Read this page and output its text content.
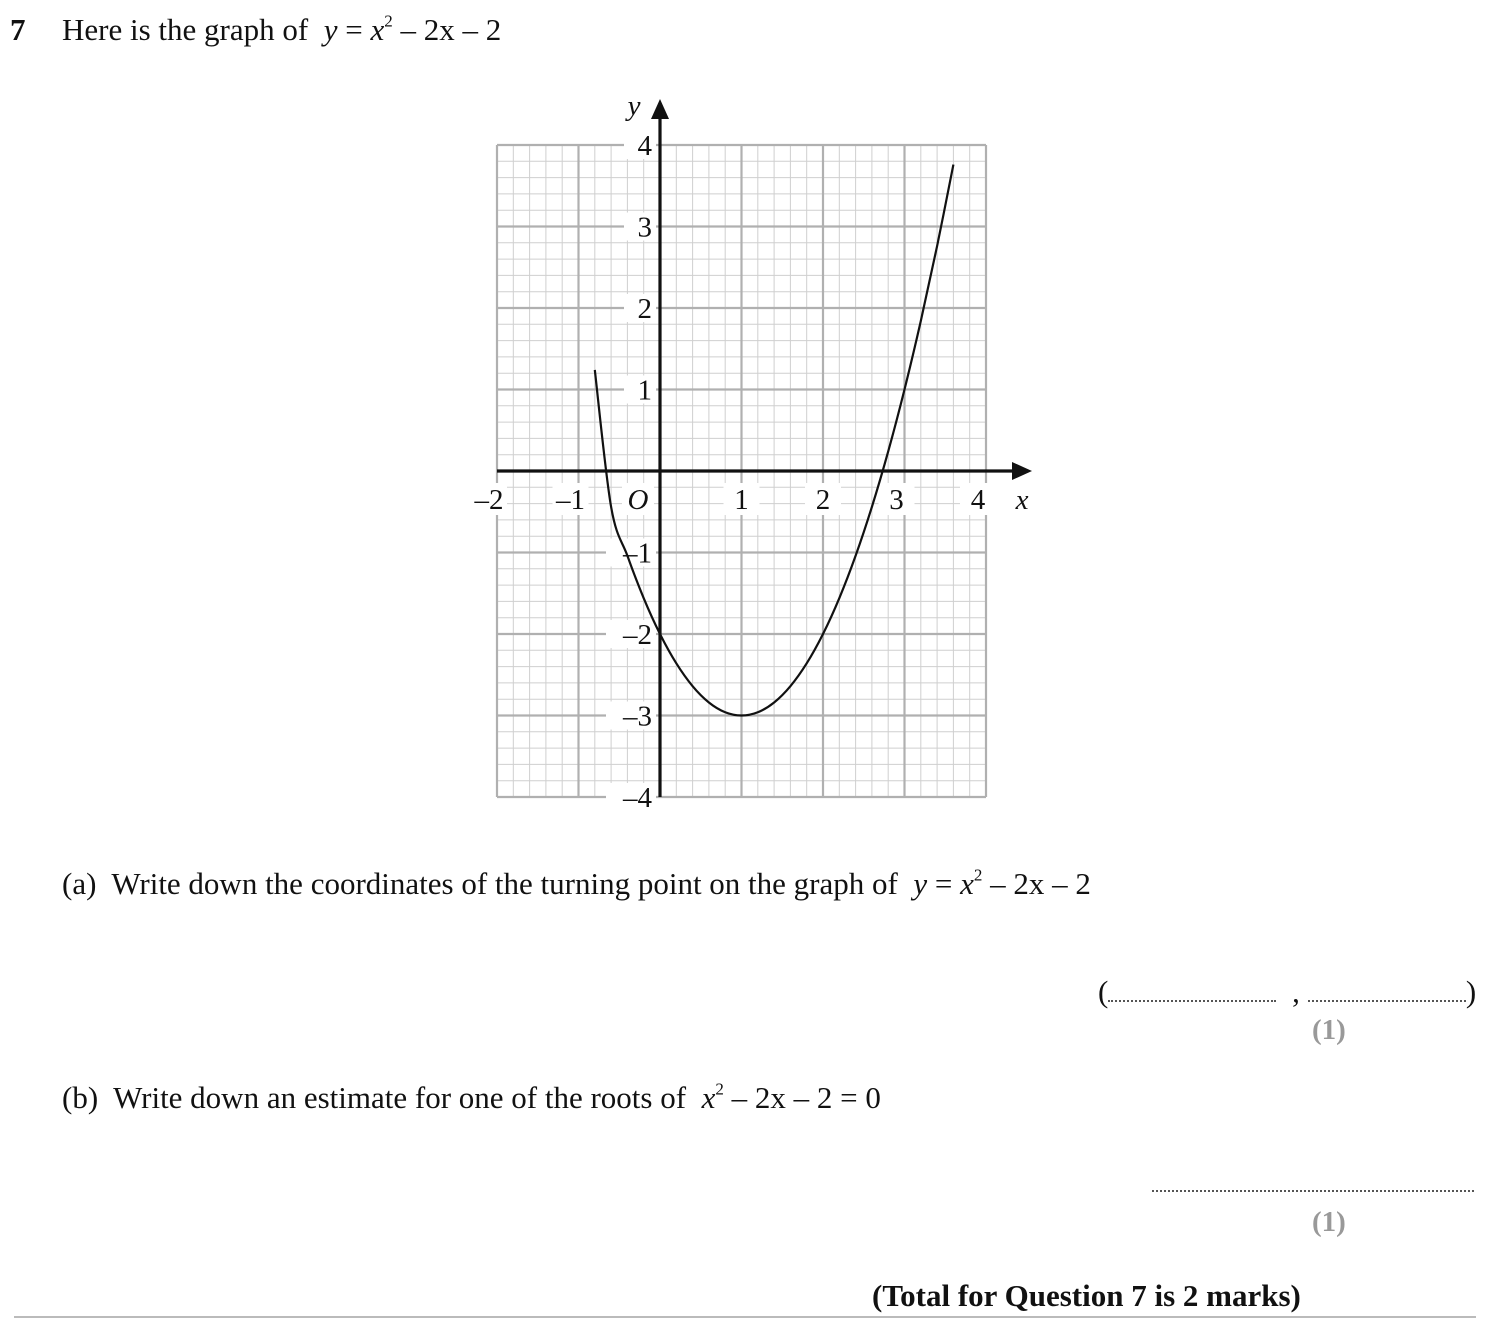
7 Here is the graph of $y = x^2 - 2x - 2$
–2 –1	1 2 3 4
4
3
2
1
–1
–2
–3
–4
O	x
y
(a) Write down the coordinates of the turning point on the graph of $y = x^2 - 2x - 2$
(	,	)
(1)
(b) Write down an estimate for one of the roots of $x^2 - 2x - 2 = 0$
(1)
(Total for Question 7 is 2 marks)
